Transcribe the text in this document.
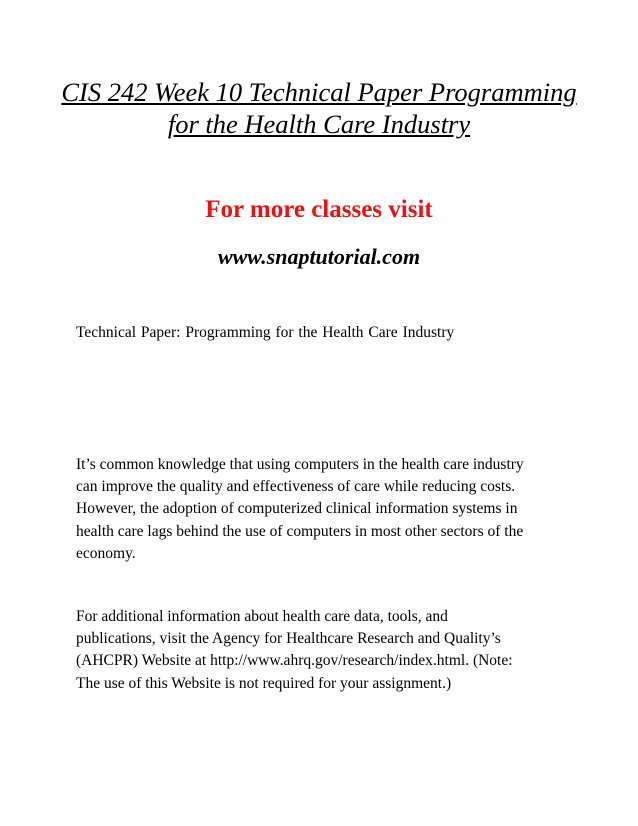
CIS 242 Week 10 Technical Paper Programming
for the Health Care Industry

For more classes visit

www.snaptutorial.com

Technical Paper: Programming for the Health Care Industry

It’s common knowledge that using computers in the health care industry
can improve the quality and effectiveness of care while reducing costs.
However, the adoption of computerized clinical information systems in
health care lags behind the use of computers in most other sectors of the
economy.
For additional information about health care data, tools, and
publications, visit the Agency for Healthcare Research and Quality’s
(AHCPR) Website at http://www.ahrq.gov/research/index.html. (Note:
The use of this Website is not required for your assignment.)
